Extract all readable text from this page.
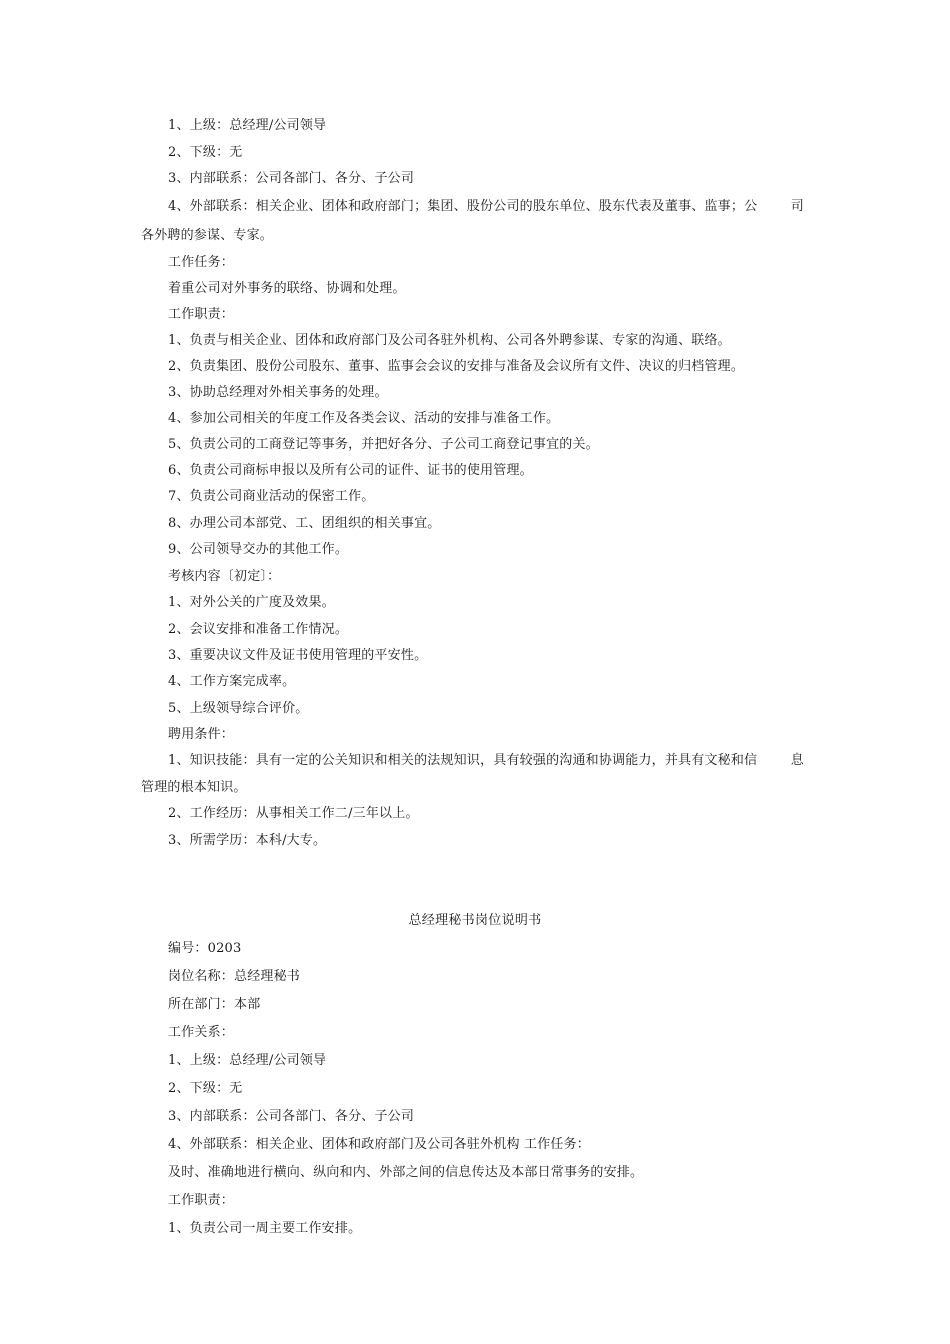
1、上级：总经理/公司领导
2、下级：无
3、内部联系：公司各部门、各分、子公司
4、外部联系：相关企业、团体和政府部门；集团、股份公司的股东单位、股东代表及董事、监事；公	司
各外聘的参谋、专家。
工作任务：
着重公司对外事务的联络、协调和处理。
工作职责：
1、负责与相关企业、团体和政府部门及公司各驻外机构、公司各外聘参谋、专家的沟通、联络。
2、负责集团、股份公司股东、董事、监事会会议的安排与准备及会议所有文件、决议的归档管理。
3、协助总经理对外相关事务的处理。
4、参加公司相关的年度工作及各类会议、活动的安排与准备工作。
5、负责公司的工商登记等事务，并把好各分、子公司工商登记事宜的关。
6、负责公司商标申报以及所有公司的证件、证书的使用管理。
7、负责公司商业活动的保密工作。
8、办理公司本部党、工、团组织的相关事宜。
9、公司领导交办的其他工作。
考核内容〔初定〕：
1、对外公关的广度及效果。
2、会议安排和准备工作情况。
3、重要决议文件及证书使用管理的平安性。
4、工作方案完成率。
5、上级领导综合评价。
聘用条件：
1、知识技能：具有一定的公关知识和相关的法规知识，具有较强的沟通和协调能力，并具有文秘和信	息
管理的根本知识。
2、工作经历：从事相关工作二/三年以上。
3、所需学历：本科/大专。
总经理秘书岗位说明书
编号：0203
岗位名称：总经理秘书
所在部门：本部
工作关系：
1、上级：总经理/公司领导
2、下级：无
3、内部联系：公司各部门、各分、子公司
4、外部联系：相关企业、团体和政府部门及公司各驻外机构 工作任务：
及时、准确地进行横向、纵向和内、外部之间的信息传达及本部日常事务的安排。
工作职责：
1、负责公司一周主要工作安排。
